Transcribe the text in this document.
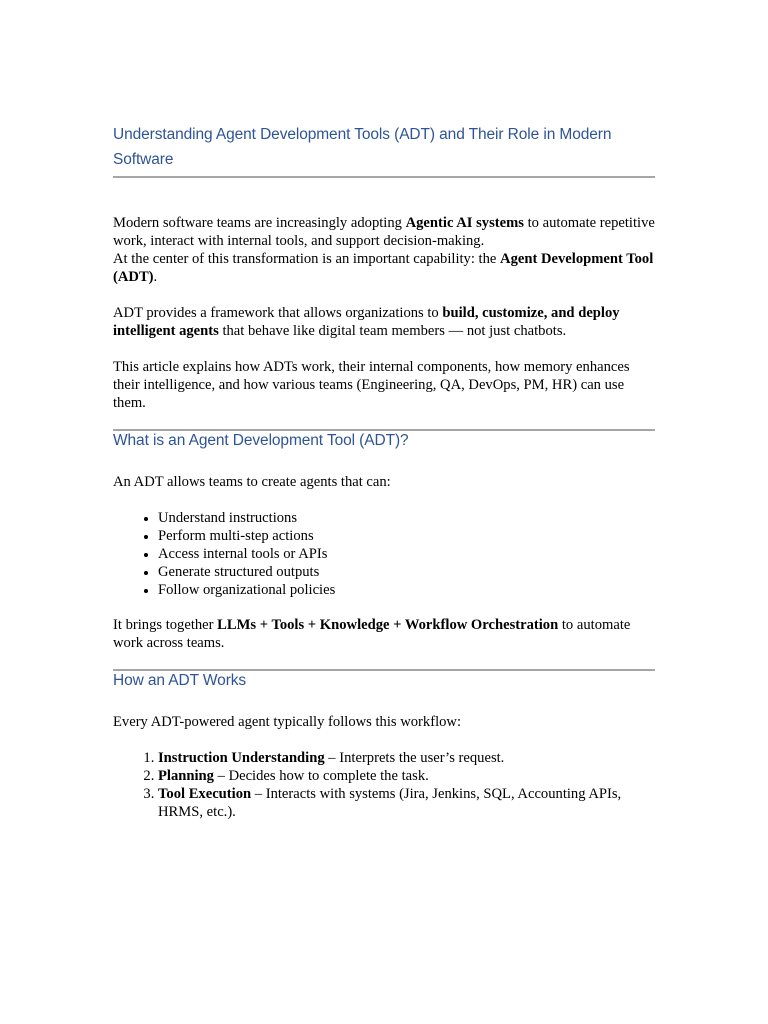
Understanding Agent Development Tools (ADT) and Their Role in Modern Software

Modern software teams are increasingly adopting Agentic AI systems to automate repetitive work, interact with internal tools, and support decision-making.
At the center of this transformation is an important capability: the Agent Development Tool (ADT).

ADT provides a framework that allows organizations to build, customize, and deploy intelligent agents that behave like digital team members — not just chatbots.

This article explains how ADTs work, their internal components, how memory enhances their intelligence, and how various teams (Engineering, QA, DevOps, PM, HR) can use them.

What is an Agent Development Tool (ADT)?

An ADT allows teams to create agents that can:

• Understand instructions
• Perform multi-step actions
• Access internal tools or APIs
• Generate structured outputs
• Follow organizational policies

It brings together LLMs + Tools + Knowledge + Workflow Orchestration to automate work across teams.

How an ADT Works

Every ADT-powered agent typically follows this workflow:

1. Instruction Understanding – Interprets the user’s request.
2. Planning – Decides how to complete the task.
3. Tool Execution – Interacts with systems (Jira, Jenkins, SQL, Accounting APIs, HRMS, etc.).
